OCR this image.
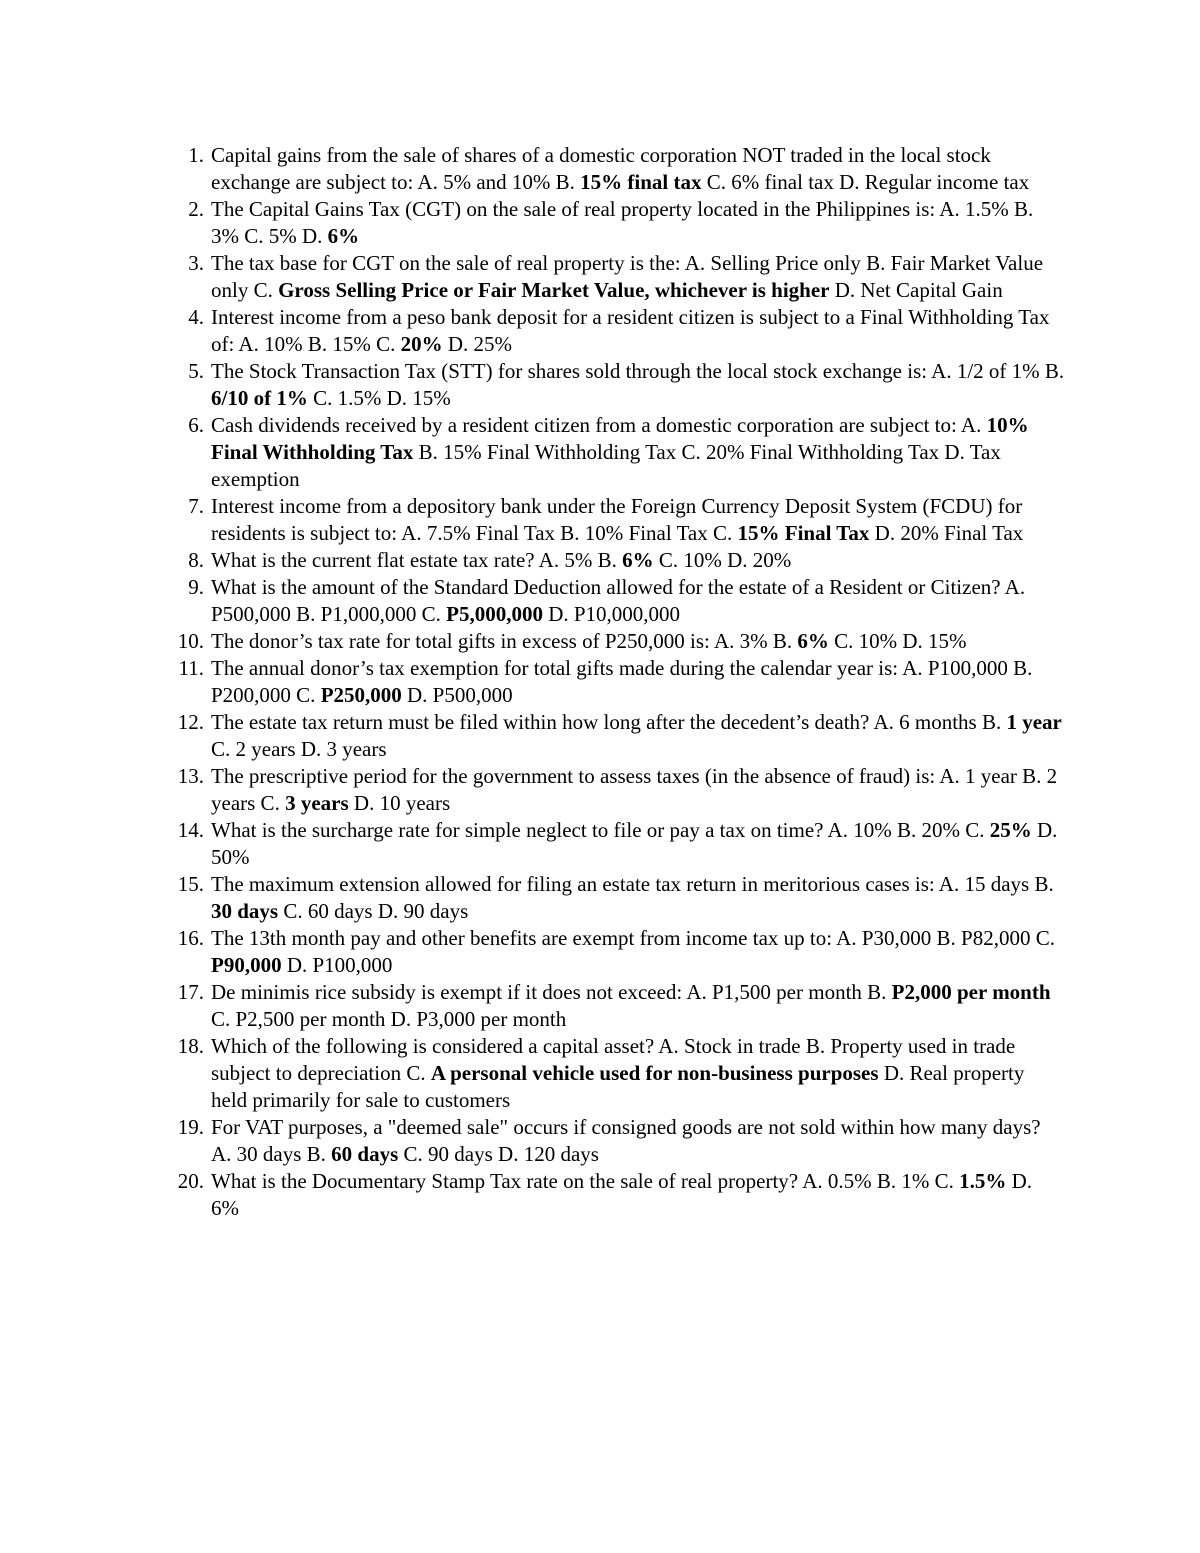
1. Capital gains from the sale of shares of a domestic corporation NOT traded in the local stock exchange are subject to: A. 5% and 10% B. 15% final tax C. 6% final tax D. Regular income tax
2. The Capital Gains Tax (CGT) on the sale of real property located in the Philippines is: A. 1.5% B. 3% C. 5% D. 6%
3. The tax base for CGT on the sale of real property is the: A. Selling Price only B. Fair Market Value only C. Gross Selling Price or Fair Market Value, whichever is higher D. Net Capital Gain
4. Interest income from a peso bank deposit for a resident citizen is subject to a Final Withholding Tax of: A. 10% B. 15% C. 20% D. 25%
5. The Stock Transaction Tax (STT) for shares sold through the local stock exchange is: A. 1/2 of 1% B. 6/10 of 1% C. 1.5% D. 15%
6. Cash dividends received by a resident citizen from a domestic corporation are subject to: A. 10% Final Withholding Tax B. 15% Final Withholding Tax C. 20% Final Withholding Tax D. Tax exemption
7. Interest income from a depository bank under the Foreign Currency Deposit System (FCDU) for residents is subject to: A. 7.5% Final Tax B. 10% Final Tax C. 15% Final Tax D. 20% Final Tax
8. What is the current flat estate tax rate? A. 5% B. 6% C. 10% D. 20%
9. What is the amount of the Standard Deduction allowed for the estate of a Resident or Citizen? A. P500,000 B. P1,000,000 C. P5,000,000 D. P10,000,000
10. The donor’s tax rate for total gifts in excess of P250,000 is: A. 3% B. 6% C. 10% D. 15%
11. The annual donor’s tax exemption for total gifts made during the calendar year is: A. P100,000 B. P200,000 C. P250,000 D. P500,000
12. The estate tax return must be filed within how long after the decedent’s death? A. 6 months B. 1 year C. 2 years D. 3 years
13. The prescriptive period for the government to assess taxes (in the absence of fraud) is: A. 1 year B. 2 years C. 3 years D. 10 years
14. What is the surcharge rate for simple neglect to file or pay a tax on time? A. 10% B. 20% C. 25% D. 50%
15. The maximum extension allowed for filing an estate tax return in meritorious cases is: A. 15 days B. 30 days C. 60 days D. 90 days
16. The 13th month pay and other benefits are exempt from income tax up to: A. P30,000 B. P82,000 C. P90,000 D. P100,000
17. De minimis rice subsidy is exempt if it does not exceed: A. P1,500 per month B. P2,000 per month C. P2,500 per month D. P3,000 per month
18. Which of the following is considered a capital asset? A. Stock in trade B. Property used in trade subject to depreciation C. A personal vehicle used for non-business purposes D. Real property held primarily for sale to customers
19. For VAT purposes, a "deemed sale" occurs if consigned goods are not sold within how many days? A. 30 days B. 60 days C. 90 days D. 120 days
20. What is the Documentary Stamp Tax rate on the sale of real property? A. 0.5% B. 1% C. 1.5% D. 6%
